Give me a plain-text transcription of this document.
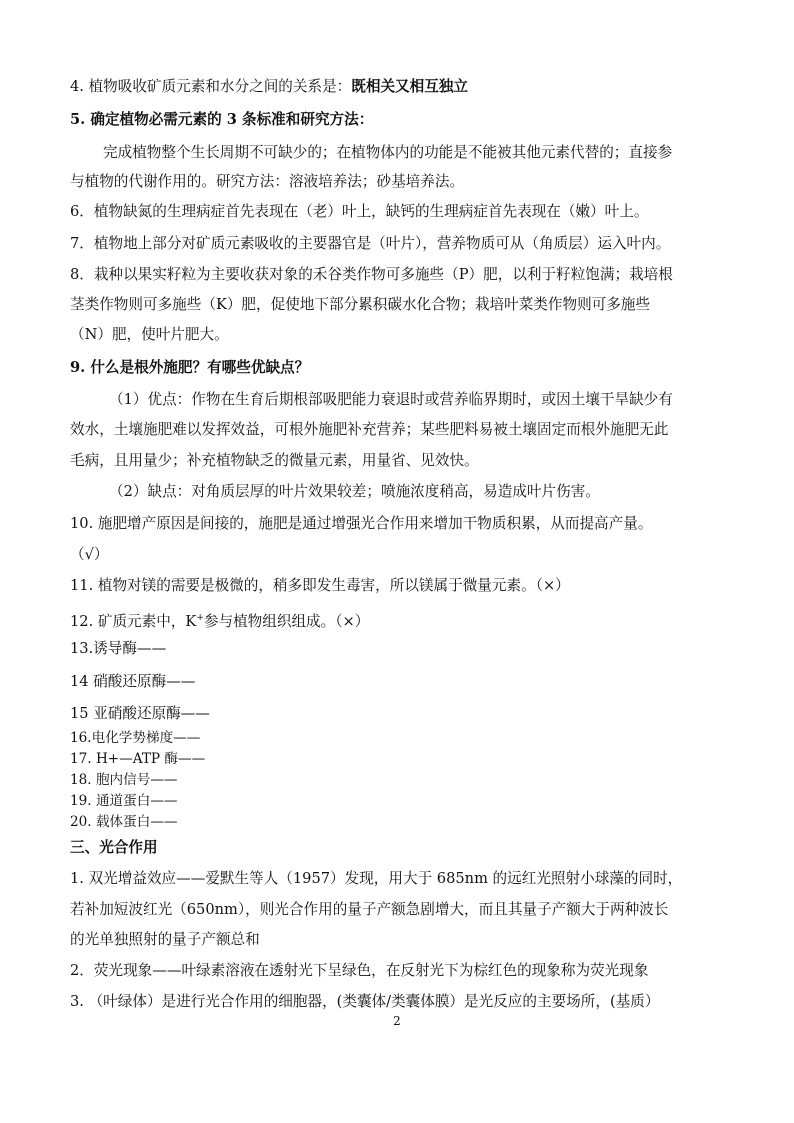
4. 植物吸收矿质元素和水分之间的关系是：既相关又相互独立
5. 确定植物必需元素的 3 条标准和研究方法：
完成植物整个生长周期不可缺少的；在植物体内的功能是不能被其他元素代替的；直接参
与植物的代谢作用的。研究方法：溶液培养法；砂基培养法。
6．植物缺氮的生理病症首先表现在（老）叶上，缺钙的生理病症首先表现在（嫩）叶上。
7．植物地上部分对矿质元素吸收的主要器官是（叶片），营养物质可从（角质层）运入叶内。
8．栽种以果实籽粒为主要收获对象的禾谷类作物可多施些（P）肥，以利于籽粒饱满；栽培根
茎类作物则可多施些（K）肥，促使地下部分累积碳水化合物；栽培叶菜类作物则可多施些
（N）肥，使叶片肥大。
9. 什么是根外施肥？有哪些优缺点？
（1）优点：作物在生育后期根部吸肥能力衰退时或营养临界期时，或因土壤干旱缺少有
效水，土壤施肥难以发挥效益，可根外施肥补充营养；某些肥料易被土壤固定而根外施肥无此
毛病，且用量少；补充植物缺乏的微量元素，用量省、见效快。
（2）缺点：对角质层厚的叶片效果较差；喷施浓度稍高，易造成叶片伤害。
10. 施肥增产原因是间接的，施肥是通过增强光合作用来增加干物质积累，从而提高产量。
（√）
11. 植物对镁的需要是极微的，稍多即发生毒害，所以镁属于微量元素。（×）
12. 矿质元素中，K+参与植物组织组成。（×）
13.诱导酶——
14 硝酸还原酶——
15 亚硝酸还原酶——
16.电化学势梯度——
17. H+—ATP 酶——
18. 胞内信号——
19. 通道蛋白——
20. 载体蛋白——
三、光合作用
1. 双光增益效应——爱默生等人（1957）发现，用大于 685nm 的远红光照射小球藻的同时，
若补加短波红光（650nm），则光合作用的量子产额急剧增大，而且其量子产额大于两种波长
的光单独照射的量子产额总和
2．荧光现象——叶绿素溶液在透射光下呈绿色，在反射光下为棕红色的现象称为荧光现象
3. （叶绿体）是进行光合作用的细胞器，(类囊体/类囊体膜）是光反应的主要场所，(基质）
2
